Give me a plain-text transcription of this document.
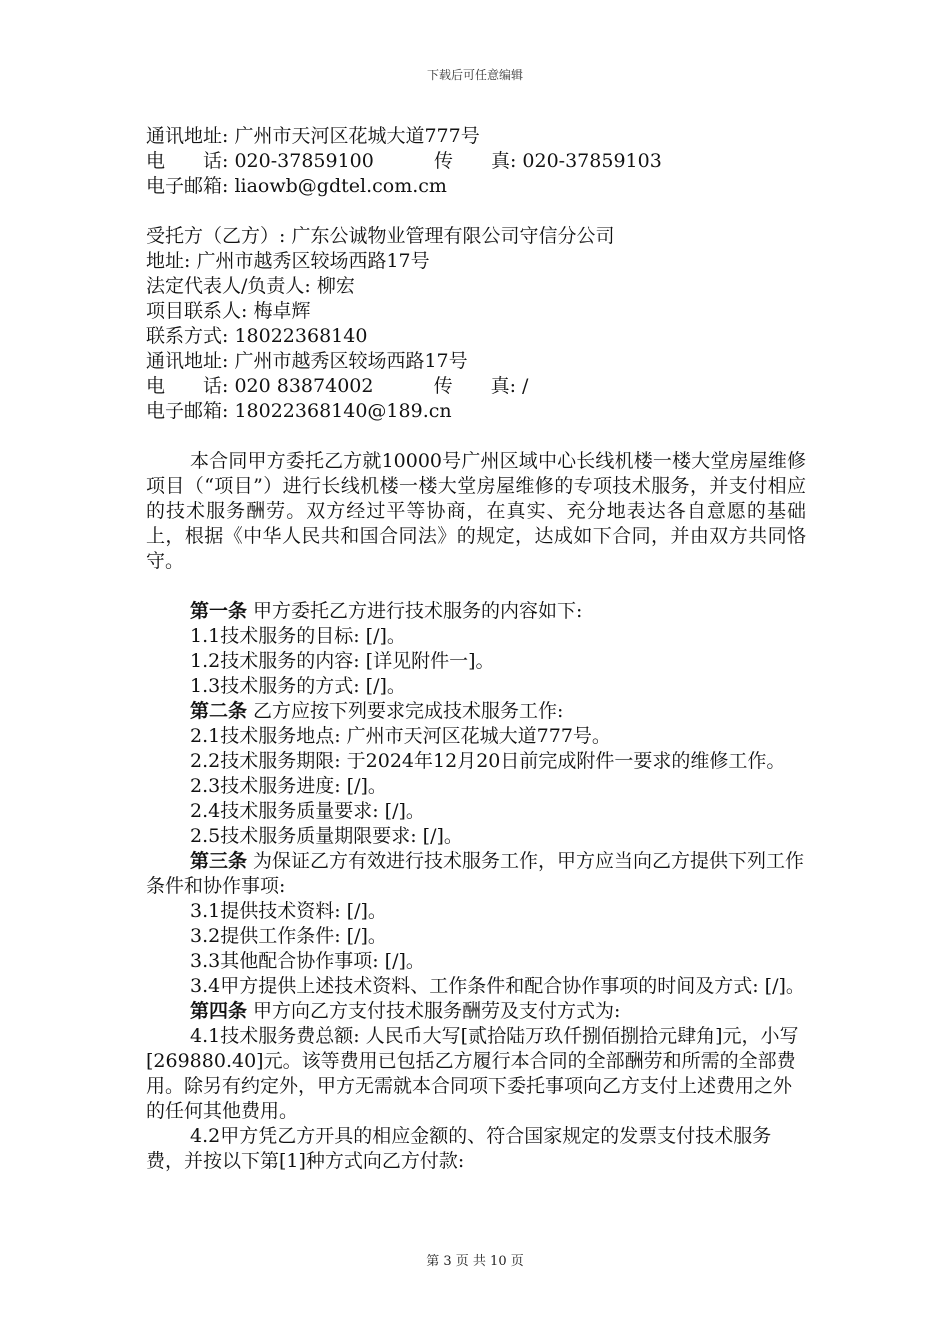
下载后可任意编辑
通讯地址: 广州市天河区花城大道777号
电　　话: 020-37859100	传　　真: 020-37859103
电子邮箱: liaowb@gdtel.com.cm
受托方（乙方）: 广东公诚物业管理有限公司守信分公司
地址: 广州市越秀区较场西路17号
法定代表人/负责人: 柳宏
项目联系人: 梅卓辉
联系方式: 18022368140
通讯地址: 广州市越秀区较场西路17号
电　　话: 020 83874002	传　　真: /
电子邮箱: 18022368140@189.cn
本合同甲方委托乙方就10000号广州区域中心长线机楼一楼大堂房屋维修项目（“项目”）进行长线机楼一楼大堂房屋维修的专项技术服务，并支付相应的技术服务酬劳。双方经过平等协商，在真实、充分地表达各自意愿的基础上，根据《中华人民共和国合同法》的规定，达成如下合同，并由双方共同恪守。
第一条 甲方委托乙方进行技术服务的内容如下:
1.1技术服务的目标: [/]。
1.2技术服务的内容: [详见附件一]。
1.3技术服务的方式: [/]。
第二条 乙方应按下列要求完成技术服务工作:
2.1技术服务地点: 广州市天河区花城大道777号。
2.2技术服务期限: 于2024年12月20日前完成附件一要求的维修工作。
2.3技术服务进度: [/]。
2.4技术服务质量要求: [/]。
2.5技术服务质量期限要求: [/]。
第三条 为保证乙方有效进行技术服务工作，甲方应当向乙方提供下列工作条件和协作事项:
3.1提供技术资料: [/]。
3.2提供工作条件: [/]。
3.3其他配合协作事项: [/]。
3.4甲方提供上述技术资料、工作条件和配合协作事项的时间及方式: [/]。
第四条 甲方向乙方支付技术服务酬劳及支付方式为:
4.1技术服务费总额: 人民币大写[贰拾陆万玖仟捌佰捌拾元肆角]元，小写[269880.40]元。该等费用已包括乙方履行本合同的全部酬劳和所需的全部费用。除另有约定外，甲方无需就本合同项下委托事项向乙方支付上述费用之外的任何其他费用。
4.2甲方凭乙方开具的相应金额的、符合国家规定的发票支付技术服务费，并按以下第[1]种方式向乙方付款:
第 3 页 共 10 页
